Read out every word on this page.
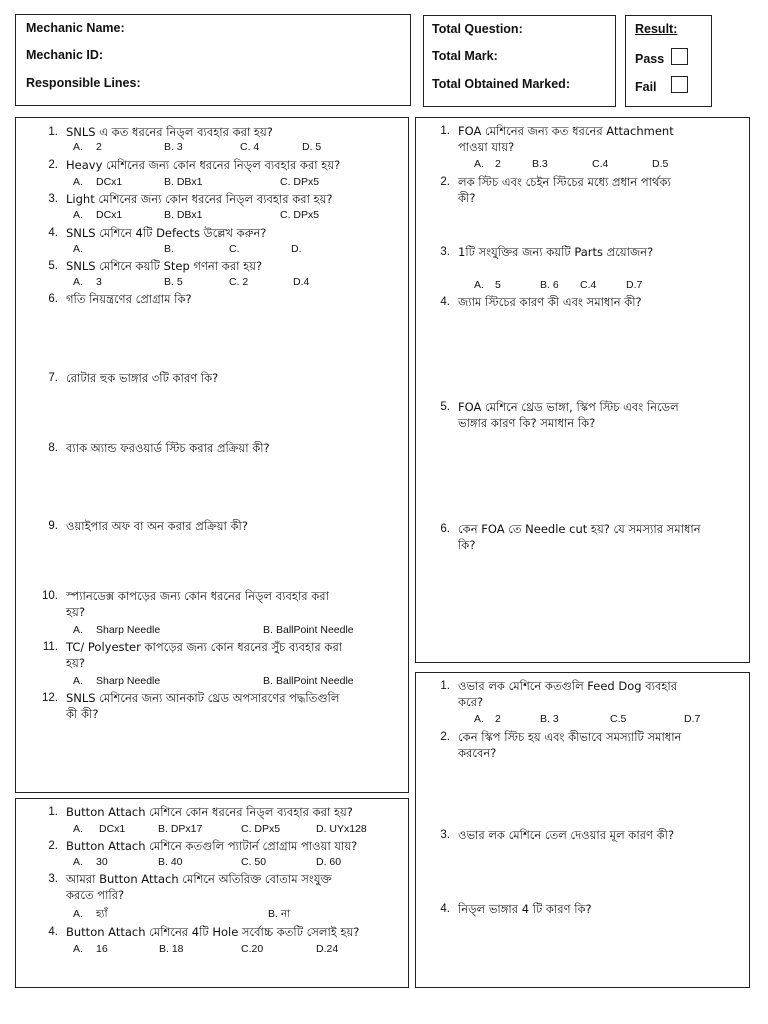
Mechanic Name:
Mechanic ID:
Responsible Lines:
Total Question:
Total Mark:
Total Obtained Marked:
Result:
Pass
Fail
1. SNLS এ কত ধরনের নিড্ল ব্যবহার করা হয়?
A. 2	B. 3	C. 4	D. 5
2. Heavy মেশিনের জন্য কোন ধরনের নিড্ল ব্যবহার করা হয়?
A. DCx1	B. DBx1	C. DPx5
3. Light মেশিনের জন্য কোন ধরনের নিড্ল ব্যবহার করা হয়?
A. DCx1	B. DBx1	C. DPx5
4. SNLS মেশিনে 4টি Defects উল্লেখ করুন?
A.	B.	C.	D.
5. SNLS মেশিনে কয়টি Step গণনা করা হয়?
A. 3	B. 5	C. 2	D.4
6. গতি নিয়ন্ত্রণের প্রোগ্রাম কি?
7. রোটার হুক ভাঙ্গার ৩টি কারণ কি?
8. ব্যাক অ্যান্ড ফরওয়ার্ড স্টিচ করার প্রক্রিয়া কী?
9. ওয়াইপার অফ বা অন করার প্রক্রিয়া কী?
10. স্প্যানডেক্স কাপড়ের জন্য কোন ধরনের নিড্ল ব্যবহার করা
হয়?
A. Sharp Needle	B. BallPoint Needle
11. TC/ Polyester কাপড়ের জন্য কোন ধরনের সুঁচ ব্যবহার করা
হয়?
A. Sharp Needle	B. BallPoint Needle
12. SNLS মেশিনের জন্য আনকাট থ্রেড অপসারণের পদ্ধতিগুলি
কী কী?
1. Button Attach মেশিনে কোন ধরনের নিড্ল ব্যবহার করা হয়?
A. DCx1	B. DPx17	C. DPx5	D. UYx128
2. Button Attach মেশিনে কতগুলি প্যাটার্ন প্রোগ্রাম পাওয়া যায়?
A. 30	B. 40	C. 50	D. 60
3. আমরা Button Attach মেশিনে অতিরিক্ত বোতাম সংযুক্ত
করতে পারি?
A. হ্যাঁ	B. না
4. Button Attach মেশিনের 4টি Hole সর্বোচ্চ কতটি সেলাই হয়?
A. 16	B. 18	C.20	D.24
1. FOA মেশিনের জন্য কত ধরনের Attachment
পাওয়া যায়?
A. 2	B.3	C.4	D.5
2. লক স্টিচ এবং চেইন স্টিচের মধ্যে প্রধান পার্থক্য
কী?
3. 1টি সংযুক্তির জন্য কয়টি Parts প্রয়োজন?
A. 5	B. 6 C.4	D.7
4. জ্যাম স্টিচের কারণ কী এবং সমাধান কী?
5. FOA মেশিনে থ্রেড ভাঙ্গা, স্কিপ স্টিচ এবং নিডেল
ভাঙ্গার কারণ কি? সমাধান কি?
6. কেন FOA তে Needle cut হয়? যে সমস্যার সমাধান
কি?
1. ওভার লক মেশিনে কতগুলি Feed Dog ব্যবহার
করে?
A. 2	B. 3	C.5	D.7
2. কেন স্কিপ স্টিচ হয় এবং কীভাবে সমস্যাটি সমাধান
করবেন?
3. ওভার লক মেশিনে তেল দেওয়ার মূল কারণ কী?
4. নিড্ল ভাঙ্গার 4 টি কারণ কি?
